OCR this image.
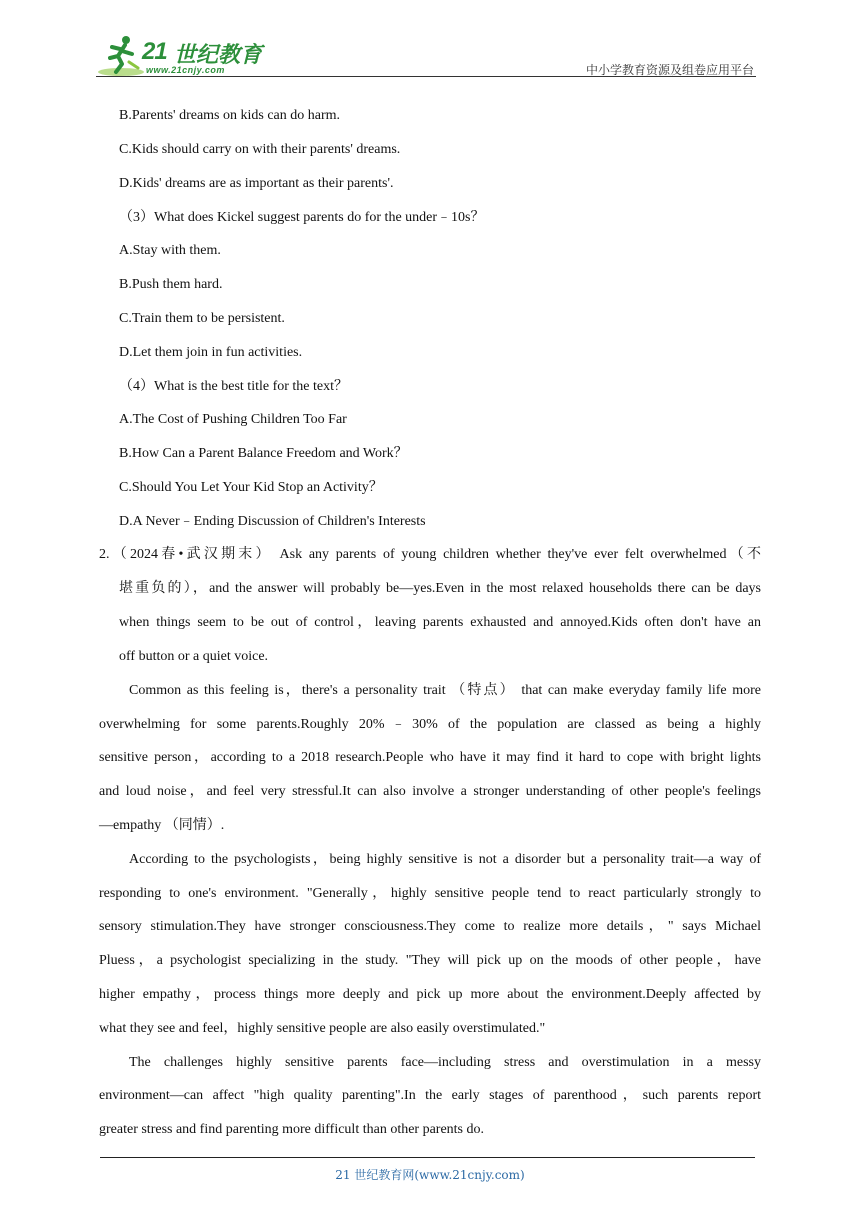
21 世纪教育
www.21cnjy.com	中小学教育资源及组卷应用平台
B.Parents' dreams on kids can do harm.
C.Kids should carry on with their parents' dreams.
D.Kids' dreams are as important as their parents'.
（3）What does Kickel suggest parents do for the under﹣10s？
A.Stay with them.
B.Push them hard.
C.Train them to be persistent.
D.Let them join in fun activities.
（4）What is the best title for the text？
A.The Cost of Pushing Children Too Far
B.How Can a Parent Balance Freedom and Work？
C.Should You Let Your Kid Stop an Activity？
D.A Never﹣Ending Discussion of Children's Interests
2.（2024春•武汉期末） Ask any parents of young children whether they've ever felt overwhelmed（不
堪重负的），and the answer will probably be—yes.Even in the most relaxed households there can be days
when things seem to be out of control，leaving parents exhausted and annoyed.Kids often don't have an
off button or a quiet voice.
Common as this feeling is，there's a personality trait （特点） that can make everyday family life more
overwhelming for some parents.Roughly 20%﹣30% of the population are classed as being a highly
sensitive person，according to a 2018 research.People who have it may find it hard to cope with bright lights
and loud noise，and feel very stressful.It can also involve a stronger understanding of other people's feelings
—empathy （同情）.
According to the psychologists，being highly sensitive is not a disorder but a personality trait—a way of
responding to one's environment. "Generally，highly sensitive people tend to react particularly strongly to
sensory stimulation.They have stronger consciousness.They come to realize more details，" says Michael
Pluess，a psychologist specializing in the study. "They will pick up on the moods of other people，have
higher empathy，process things more deeply and pick up more about the environment.Deeply affected by
what they see and feel，highly sensitive people are also easily overstimulated."
The challenges highly sensitive parents face—including stress and overstimulation in a messy
environment—can affect "high quality parenting".In the early stages of parenthood，such parents report
greater stress and find parenting more difficult than other parents do.
21 世纪教育网(www.21cnjy.com)
